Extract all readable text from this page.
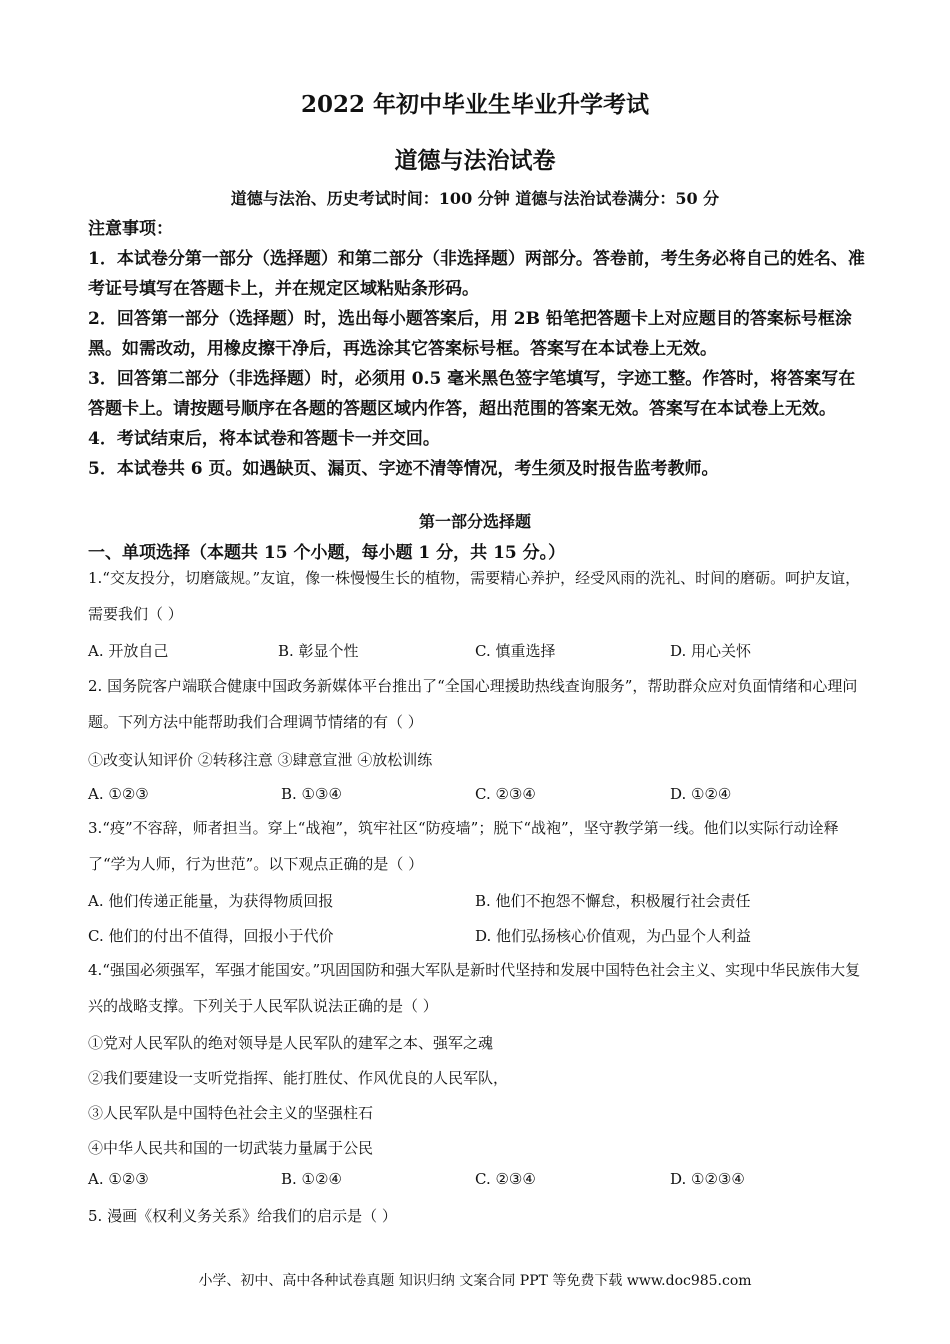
2022 年初中毕业生毕业升学考试
道德与法治试卷
道德与法治、历史考试时间：100 分钟 道德与法治试卷满分：50 分

注意事项：

1．本试卷分第一部分（选择题）和第二部分（非选择题）两部分。答卷前，考生务必将自己的姓名、准考证号填写在答题卡上，并在规定区域粘贴条形码。

2．回答第一部分（选择题）时，选出每小题答案后，用 2B 铅笔把答题卡上对应题目的答案标号框涂黑。如需改动，用橡皮擦干净后，再选涂其它答案标号框。答案写在本试卷上无效。

3．回答第二部分（非选择题）时，必须用 0.5 毫米黑色签字笔填写，字迹工整。作答时，将答案写在答题卡上。请按题号顺序在各题的答题区域内作答，超出范围的答案无效。答案写在本试卷上无效。

4．考试结束后，将本试卷和答题卡一并交回。

5．本试卷共 6 页。如遇缺页、漏页、字迹不清等情况，考生须及时报告监考教师。

第一部分选择题
一、单项选择（本题共 15 个小题，每小题 1 分，共 15 分。）

1.“交友投分，切磨箴规。”友谊，像一株慢慢生长的植物，需要精心养护，经受风雨的洗礼、时间的磨砺。呵护友谊，需要我们（ ）

A. 开放自己	B. 彰显个性	C. 慎重选择	D. 用心关怀

2. 国务院客户端联合健康中国政务新媒体平台推出了“全国心理援助热线查询服务”，帮助群众应对负面情绪和心理问题。下列方法中能帮助我们合理调节情绪的有（ ）

①改变认知评价 ②转移注意 ③肆意宣泄 ④放松训练
A. ①②③	B. ①③④	C. ②③④	D. ①②④

3.“疫”不容辞，师者担当。穿上“战袍”，筑牢社区“防疫墙”；脱下“战袍”，坚守教学第一线。他们以实际行动诠释了“学为人师，行为世范”。以下观点正确的是（ ）

A. 他们传递正能量，为获得物质回报	B. 他们不抱怨不懈怠，积极履行社会责任
C. 他们的付出不值得，回报小于代价	D. 他们弘扬核心价值观，为凸显个人利益

4.“强国必须强军，军强才能国安。”巩固国防和强大军队是新时代坚持和发展中国特色社会主义、实现中华民族伟大复兴的战略支撑。下列关于人民军队说法正确的是（ ）

①党对人民军队的绝对领导是人民军队的建军之本、强军之魂
②我们要建设一支听党指挥、能打胜仗、作风优良的人民军队，
③人民军队是中国特色社会主义的坚强柱石
④中华人民共和国的一切武装力量属于公民
A. ①②③	B. ①②④	C. ②③④	D. ①②③④
5. 漫画《权利义务关系》给我们的启示是（ ）
小学、初中、高中各种试卷真题 知识归纳 文案合同 PPT 等免费下载 www.doc985.com
